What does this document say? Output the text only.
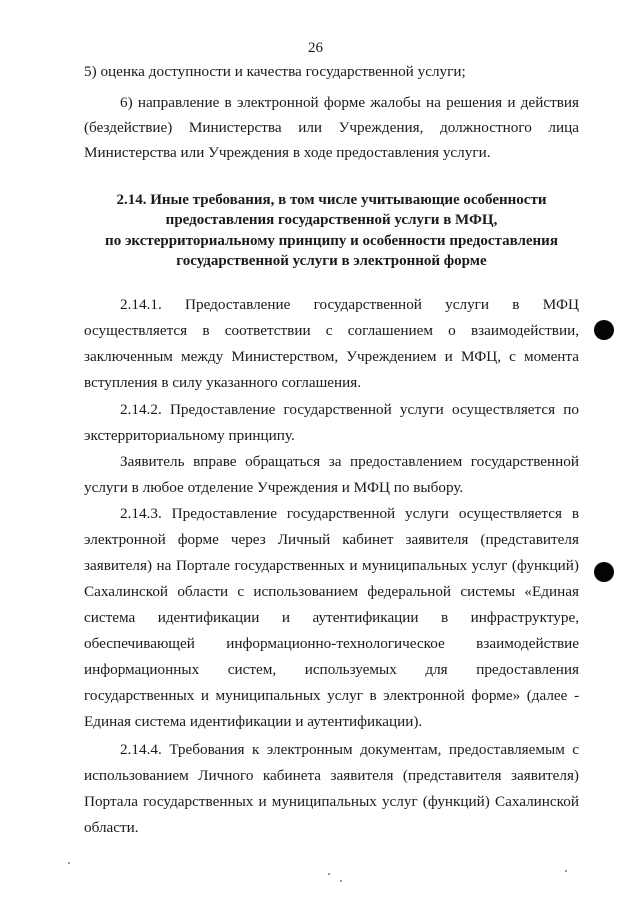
26
5) оценка доступности и качества государственной услуги;
6) направление в электронной форме жалобы на решения и действия
(бездействие) Министерства или Учреждения, должностного лица
Министерства или Учреждения в ходе предоставления услуги.
2.14. Иные требования, в том числе учитывающие особенности
предоставления государственной услуги в МФЦ,
по экстерриториальному принципу и особенности предоставления
государственной услуги в электронной форме
2.14.1. Предоставление государственной услуги в МФЦ
осуществляется в соответствии с соглашением о взаимодействии,
заключенным между Министерством, Учреждением и МФЦ, с момента
вступления в силу указанного соглашения.
2.14.2. Предоставление государственной услуги осуществляется по
экстерриториальному принципу.
Заявитель вправе обращаться за предоставлением государственной
услуги в любое отделение Учреждения и МФЦ по выбору.
2.14.3. Предоставление государственной услуги осуществляется в
электронной форме через Личный кабинет заявителя (представителя
заявителя) на Портале государственных и муниципальных услуг (функций)
Сахалинской области с использованием федеральной системы «Единая
система идентификации и аутентификации в инфраструктуре,
обеспечивающей информационно-технологическое взаимодействие
информационных систем, используемых для предоставления
государственных и муниципальных услуг в электронной форме» (далее -
Единая система идентификации и аутентификации).
2.14.4. Требования к электронным документам, предоставляемым с
использованием Личного кабинета заявителя (представителя заявителя)
Портала государственных и муниципальных услуг (функций) Сахалинской
области.
